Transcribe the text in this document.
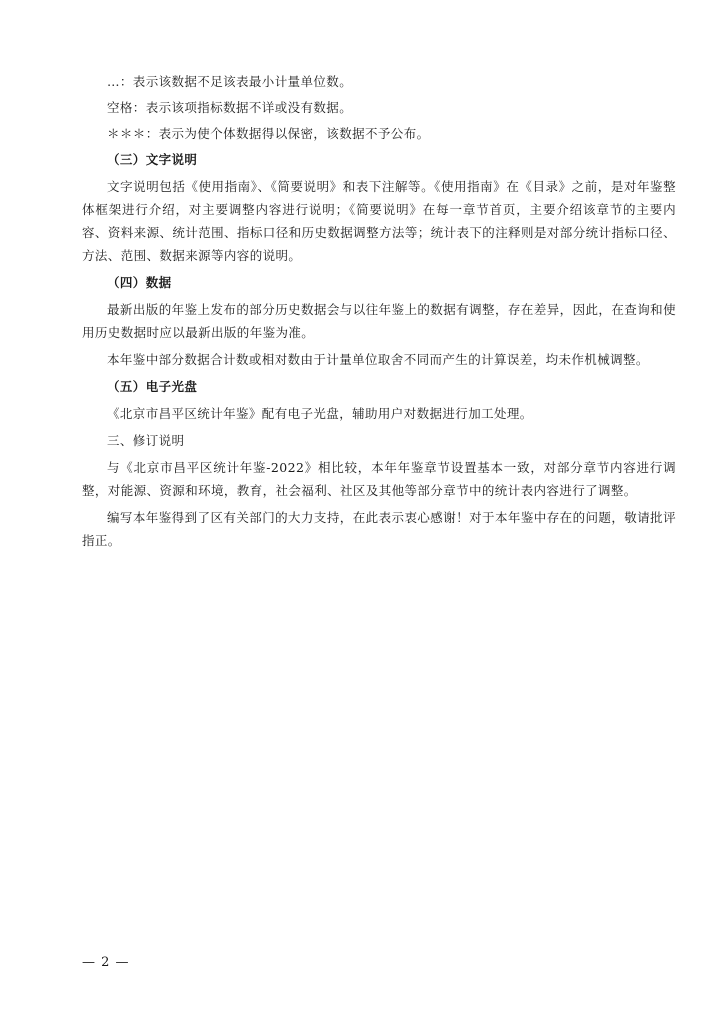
…：表示该数据不足该表最小计量单位数。

空格：表示该项指标数据不详或没有数据。

＊＊＊：表示为使个体数据得以保密，该数据不予公布。

（三）文字说明

文字说明包括《使用指南》、《简要说明》和表下注解等。《使用指南》在《目录》之前，是对年鉴整体框架进行介绍，对主要调整内容进行说明；《简要说明》在每一章节首页，主要介绍该章节的主要内容、资料来源、统计范围、指标口径和历史数据调整方法等；统计表下的注释则是对部分统计指标口径、方法、范围、数据来源等内容的说明。

（四）数据

最新出版的年鉴上发布的部分历史数据会与以往年鉴上的数据有调整，存在差异，因此，在查询和使用历史数据时应以最新出版的年鉴为准。

本年鉴中部分数据合计数或相对数由于计量单位取舍不同而产生的计算误差，均未作机械调整。

（五）电子光盘

《北京市昌平区统计年鉴》配有电子光盘，辅助用户对数据进行加工处理。

三、修订说明

与《北京市昌平区统计年鉴-2022》相比较，本年年鉴章节设置基本一致，对部分章节内容进行调整，对能源、资源和环境，教育，社会福利、社区及其他等部分章节中的统计表内容进行了调整。

编写本年鉴得到了区有关部门的大力支持，在此表示衷心感谢！对于本年鉴中存在的问题，敬请批评指正。

— 2 —
